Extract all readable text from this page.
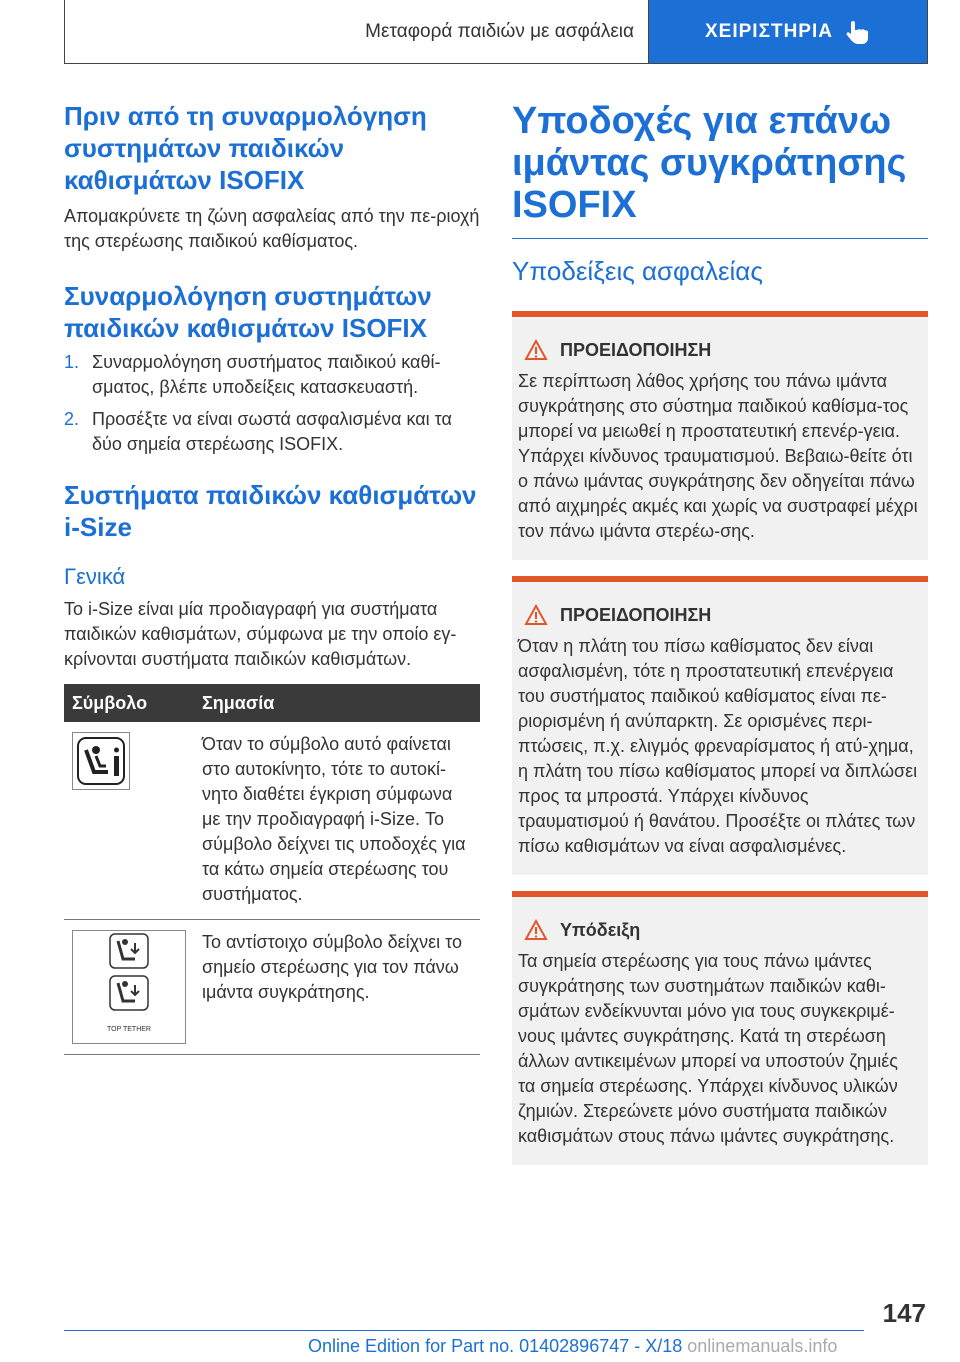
Μεταφορά παιδιών με ασφάλεια	ΧΕΙΡΙΣΤΗΡΙΑ
Πριν από τη συναρμολόγηση συστημάτων παιδικών καθισμάτων ISOFIX

Απομακρύνετε τη ζώνη ασφαλείας από την πε-ριοχή της στερέωσης παιδικού καθίσματος.

Συναρμολόγηση συστημάτων παιδικών καθισμάτων ISOFIX
1. Συναρμολόγηση συστήματος παιδικού καθί-σματος, βλέπε υποδείξεις κατασκευαστή.
2. Προσέξτε να είναι σωστά ασφαλισμένα και τα δύο σημεία στερέωσης ISOFIX.
Συστήματα παιδικών καθισμάτων i-Size
Γενικά

Το i-Size είναι μία προδιαγραφή για συστήματα παιδικών καθισμάτων, σύμφωνα με την οποίο εγ-κρίνονται συστήματα παιδικών καθισμάτων.

Σύμβολο	Σημασία

	Όταν το σύμβολο αυτό φαίνεται στο αυτοκίνητο, τότε το αυτοκί-νητο διαθέτει έγκριση σύμφωνα με την προδιαγραφή i-Size. Το σύμβολο δείχνει τις υποδοχές για τα κάτω σημεία στερέωσης του συστήματος.

TOP TETHER	Το αντίστοιχο σύμβολο δείχνει το σημείο στερέωσης για τον πάνω ιμάντα συγκράτησης.
Υποδοχές για επάνω ιμάντας συγκράτησης ISOFIX
Υποδείξεις ασφαλείας
ΠΡΟΕΙΔΟΠΟΙΗΣΗ

Σε περίπτωση λάθος χρήσης του πάνω ιμάντα συγκράτησης στο σύστημα παιδικού καθίσμα-τος μπορεί να μειωθεί η προστατευτική επενέρ-γεια. Υπάρχει κίνδυνος τραυματισμού. Βεβαιω-θείτε ότι ο πάνω ιμάντας συγκράτησης δεν οδηγείται πάνω από αιχμηρές ακμές και χωρίς να συστραφεί μέχρι τον πάνω ιμάντα στερέω-σης.

ΠΡΟΕΙΔΟΠΟΙΗΣΗ

Όταν η πλάτη του πίσω καθίσματος δεν είναι ασφαλισμένη, τότε η προστατευτική επενέργεια του συστήματος παιδικού καθίσματος είναι πε-ριορισμένη ή ανύπαρκτη. Σε ορισμένες περι-πτώσεις, π.χ. ελιγμός φρεναρίσματος ή ατύ-χημα, η πλάτη του πίσω καθίσματος μπορεί να διπλώσει προς τα μπροστά. Υπάρχει κίνδυνος τραυματισμού ή θανάτου. Προσέξτε οι πλάτες των πίσω καθισμάτων να είναι ασφαλισμένες.

Υπόδειξη

Τα σημεία στερέωσης για τους πάνω ιμάντες συγκράτησης των συστημάτων παιδικών καθι-σμάτων ενδείκνυνται μόνο για τους συγκεκριμέ-νους ιμάντες συγκράτησης. Κατά τη στερέωση άλλων αντικειμένων μπορεί να υποστούν ζημιές τα σημεία στερέωσης. Υπάρχει κίνδυνος υλικών ζημιών. Στερεώνετε μόνο συστήματα παιδικών καθισμάτων στους πάνω ιμάντες συγκράτησης.

147
Online Edition for Part no. 01402896747 - X/18 onlinemanuals.info
